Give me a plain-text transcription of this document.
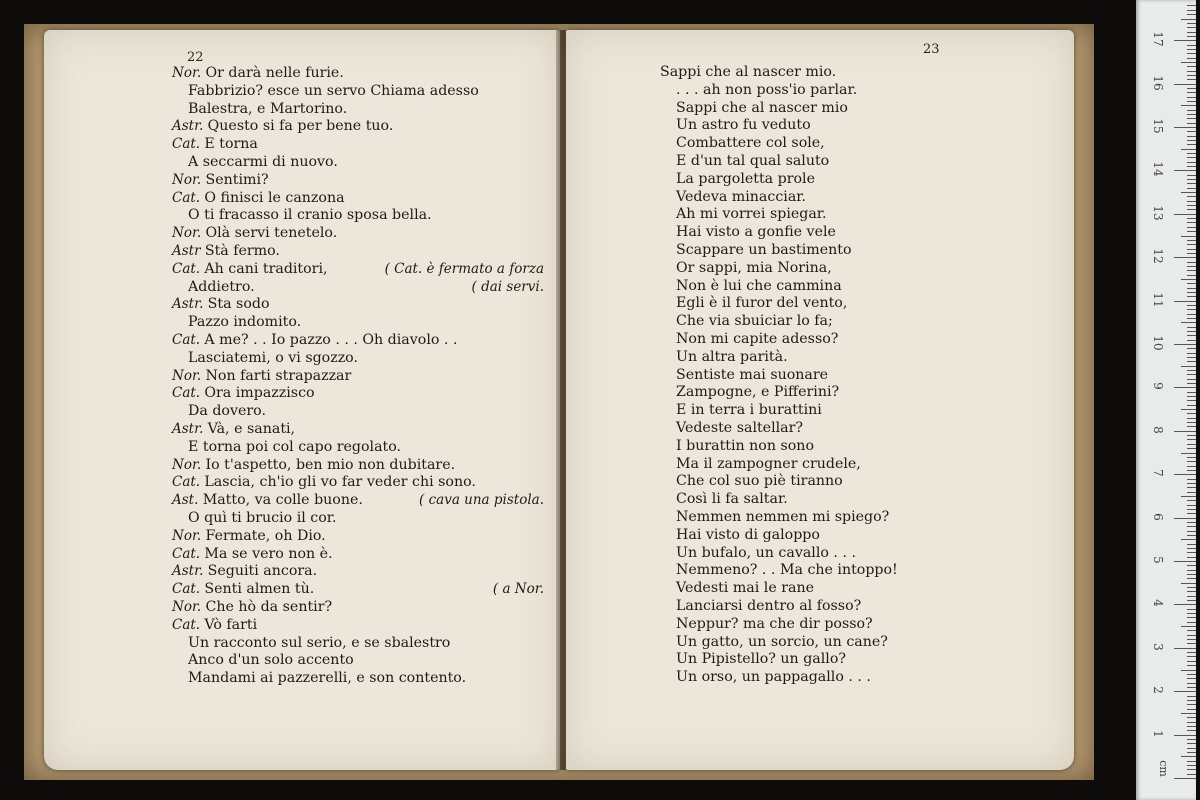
22
Nor. Or darà nelle furie.
Fabbrizio? esce un servo Chiama adesso
Balestra, e Martorino.
Astr. Questo si fa per bene tuo.
Cat. E torna
A seccarmi di nuovo.
Nor. Sentimi?
Cat. O finisci le canzona
O ti fracasso il cranio sposa bella.
Nor. Olà servi tenetelo.
Astr Stà fermo.
Cat. Ah cani traditori,	( Cat. è fermato a forza
Addietro.	( dai servi.
Astr. Sta sodo
Pazzo indomito.
Cat. A me? . . Io pazzo . . . Oh diavolo . .
Lasciatemi, o vi sgozzo.
Nor. Non farti strapazzar
Cat. Ora impazzisco
Da dovero.
Astr. Và, e sanati,
E torna poi col capo regolato.
Nor. Io t'aspetto, ben mio non dubitare.
Cat. Lascia, ch'io gli vo far veder chi sono.
Ast. Matto, va colle buone.	( cava una pistola.
O quì ti brucio il cor.
Nor. Fermate, oh Dio.
Cat. Ma se vero non è.
Astr. Seguiti ancora.
Cat. Senti almen tù.	( a Nor.
Nor. Che hò da sentir?
Cat. Vò farti
Un racconto sul serio, e se sbalestro
Anco d'un solo accento
Mandami ai pazzerelli, e son contento.
23
Sappi che al nascer mio.
. . . ah non poss'io parlar.
Sappi che al nascer mio
Un astro fu veduto
Combattere col sole,
E d'un tal qual saluto
La pargoletta prole
Vedeva minacciar.
Ah mi vorrei spiegar.
Hai visto a gonfie vele
Scappare un bastimento
Or sappi, mia Norina,
Non è lui che cammina
Egli è il furor del vento,
Che via sbuiciar lo fa;
Non mi capite adesso?
Un altra parità.
Sentiste mai suonare
Zampogne, e Pifferini?
E in terra i burattini
Vedeste saltellar?
I burattin non sono
Ma il zampogner crudele,
Che col suo piè tiranno
Così li fa saltar.
Nemmen nemmen mi spiego?
Hai visto di galoppo
Un bufalo, un cavallo . . .
Nemmeno? . . Ma che intoppo!
Vedesti mai le rane
Lanciarsi dentro al fosso?
Neppur? ma che dir posso?
Un gatto, un sorcio, un cane?
Un Pipistello? un gallo?
Un orso, un pappagallo . . .
cm
1
2
3
4
5
6
7
8
9
10
11
12
13
14
15
16
17
